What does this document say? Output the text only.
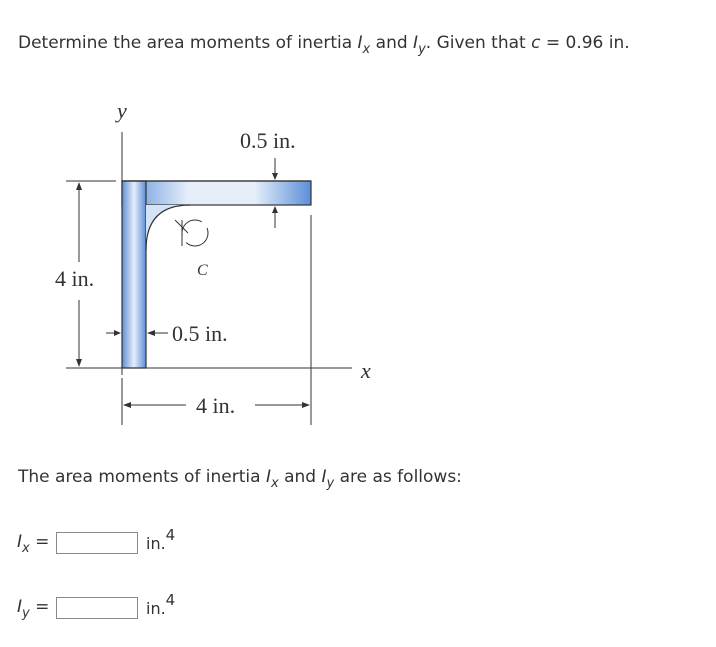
Determine the area moments of inertia $I_x$ and $I_y$. Given that c = 0.96 in.
y
C
x
0.5 in.
4 in.
0.5 in.
4 in.
The area moments of inertia $I_x$ and $I_y$ are as follows:
$I_x$ =	in.4
$I_y$ =	in.4
